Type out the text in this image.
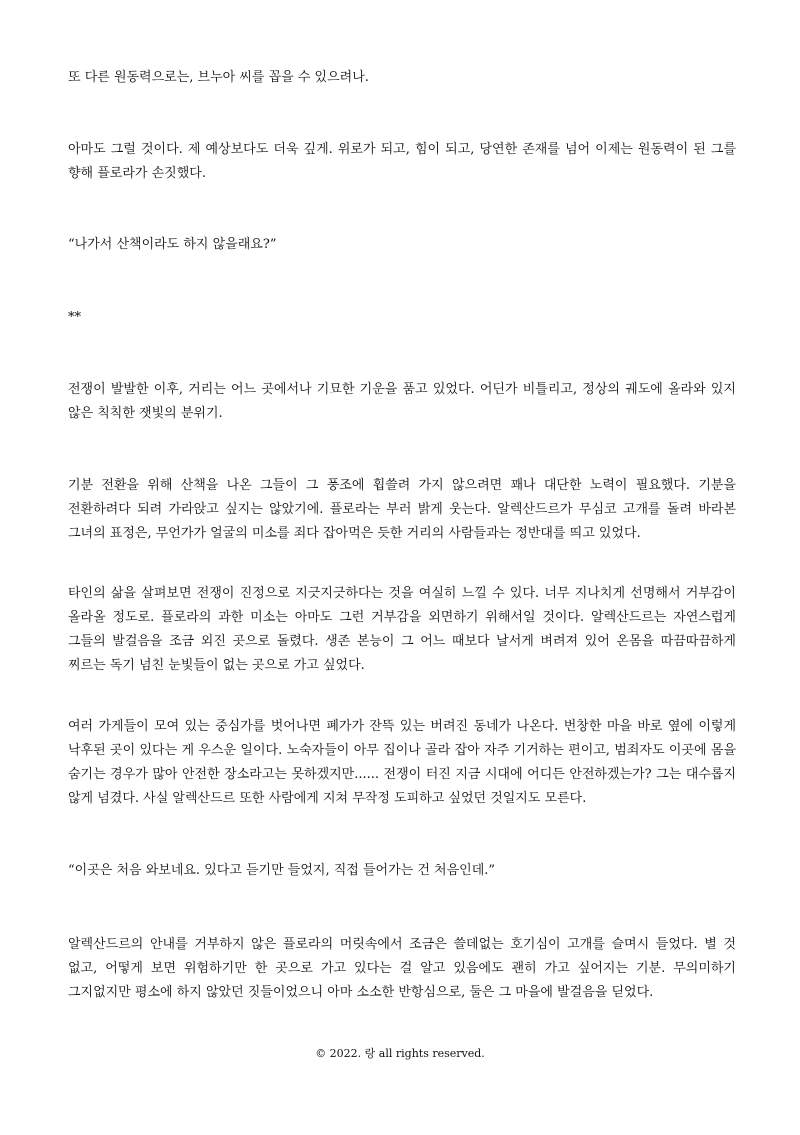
또 다른 원동력으로는, 브누아 씨를 꼽을 수 있으려나.

아마도 그럴 것이다. 제 예상보다도 더욱 깊게. 위로가 되고, 힘이 되고, 당연한 존재를 넘어 이제는 원동력이 된 그를 향해 플로라가 손짓했다.

“나가서 산책이라도 하지 않을래요?”

**

전쟁이 발발한 이후, 거리는 어느 곳에서나 기묘한 기운을 품고 있었다. 어딘가 비틀리고, 정상의 궤도에 올라와 있지 않은 칙칙한 잿빛의 분위기.

기분 전환을 위해 산책을 나온 그들이 그 풍조에 휩쓸려 가지 않으려면 꽤나 대단한 노력이 필요했다. 기분을 전환하려다 되려 가라앉고 싶지는 않았기에. 플로라는 부러 밝게 웃는다. 알렉산드르가 무심코 고개를 돌려 바라본 그녀의 표정은, 무언가가 얼굴의 미소를 죄다 잡아먹은 듯한 거리의 사람들과는 정반대를 띄고 있었다.

타인의 삶을 살펴보면 전쟁이 진정으로 지긋지긋하다는 것을 여실히 느낄 수 있다. 너무 지나치게 선명해서 거부감이 올라올 정도로. 플로라의 과한 미소는 아마도 그런 거부감을 외면하기 위해서일 것이다. 알렉산드르는 자연스럽게 그들의 발걸음을 조금 외진 곳으로 돌렸다. 생존 본능이 그 어느 때보다 날서게 벼려져 있어 온몸을 따끔따끔하게 찌르는 독기 넘친 눈빛들이 없는 곳으로 가고 싶었다.

여러 가게들이 모여 있는 중심가를 벗어나면 폐가가 잔뜩 있는 버려진 동네가 나온다. 번창한 마을 바로 옆에 이렇게 낙후된 곳이 있다는 게 우스운 일이다. 노숙자들이 아무 집이나 골라 잡아 자주 기거하는 편이고, 범죄자도 이곳에 몸을 숨기는 경우가 많아 안전한 장소라고는 못하겠지만...... 전쟁이 터진 지금 시대에 어디든 안전하겠는가? 그는 대수롭지 않게 넘겼다. 사실 알렉산드르 또한 사람에게 지쳐 무작정 도피하고 싶었던 것일지도 모른다.

“이곳은 처음 와보네요. 있다고 듣기만 들었지, 직접 들어가는 건 처음인데.”

알렉산드르의 안내를 거부하지 않은 플로라의 머릿속에서 조금은 쓸데없는 호기심이 고개를 슬며시 들었다. 별 것 없고, 어떻게 보면 위험하기만 한 곳으로 가고 있다는 걸 알고 있음에도 괜히 가고 싶어지는 기분. 무의미하기 그지없지만 평소에 하지 않았던 짓들이었으니 아마 소소한 반항심으로, 둘은 그 마을에 발걸음을 딛었다.

© 2022. 랑 all rights reserved.
